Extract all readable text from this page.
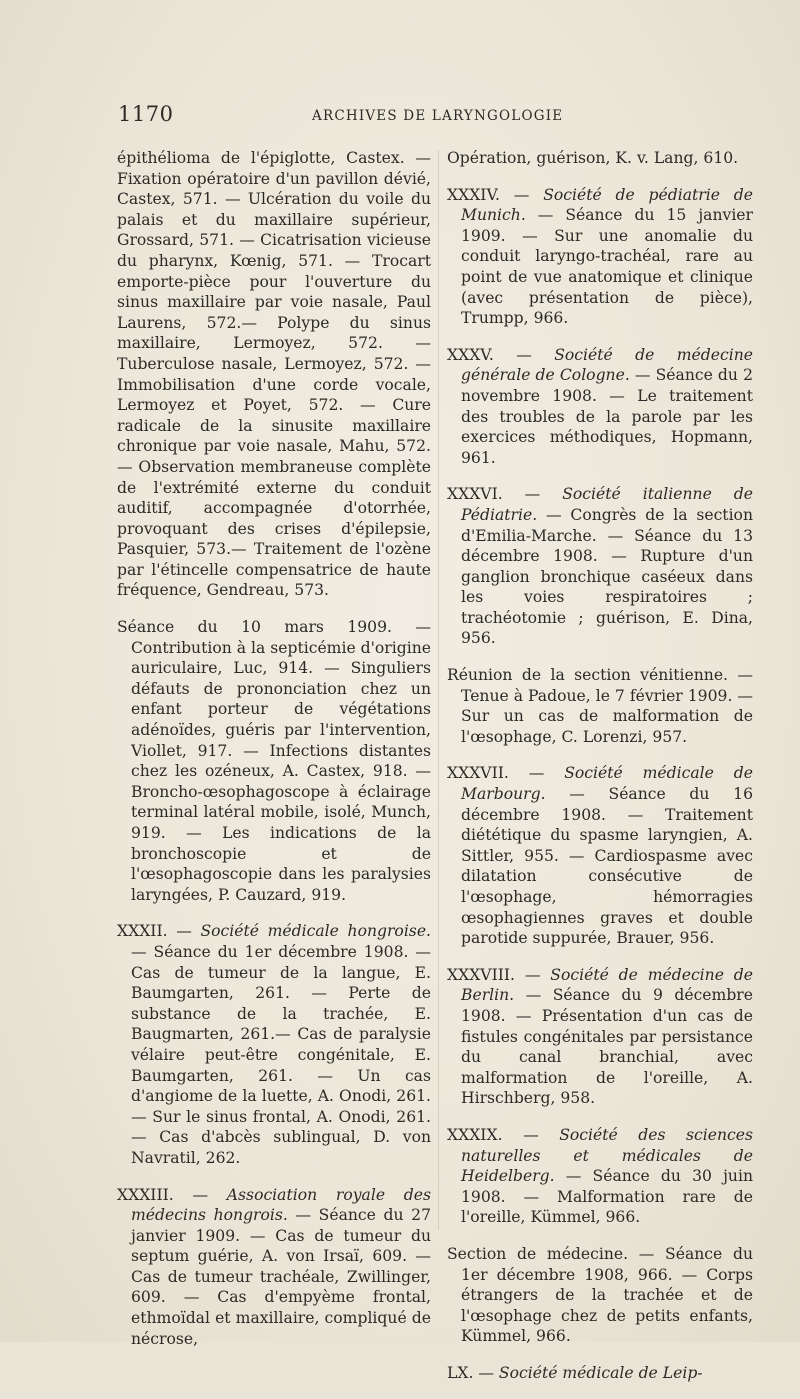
1170	ARCHIVES DE LARYNGOLOGIE

épithélioma de l'épiglotte, Castex. — Fixation opératoire d'un pavillon dévié, Castex, 571. — Ulcération du voile du palais et du maxillaire supérieur, Grossard, 571. — Cicatrisation vicieuse du pharynx, Kœnig, 571. — Trocart emporte-pièce pour l'ouverture du sinus maxillaire par voie nasale, Paul Laurens, 572.— Polype du sinus maxillaire, Lermoyez, 572. — Tuberculose nasale, Lermoyez, 572. — Immobilisation d'une corde vocale, Lermoyez et Poyet, 572. — Cure radicale de la sinusite maxillaire chronique par voie nasale, Mahu, 572. — Observation membraneuse complète de l'extrémité externe du conduit auditif, accompagnée d'otorrhée, provoquant des crises d'épilepsie, Pasquier, 573.— Traitement de l'ozène par l'étincelle compensatrice de haute fréquence, Gendreau, 573.

Séance du 10 mars 1909. — Contribution à la septicémie d'origine auriculaire, Luc, 914. — Singuliers défauts de prononciation chez un enfant porteur de végétations adénoïdes, guéris par l'intervention, Viollet, 917. — Infections distantes chez les ozéneux, A. Castex, 918. — Broncho-œsophagoscope à éclairage terminal latéral mobile, isolé, Munch, 919. — Les indications de la bronchoscopie et de l'œsophagoscopie dans les paralysies laryngées, P. Cauzard, 919.

XXXII. — Société médicale hongroise. — Séance du 1er décembre 1908. — Cas de tumeur de la langue, E. Baumgarten, 261. — Perte de substance de la trachée, E. Baugmarten, 261.— Cas de paralysie vélaire peut-être congénitale, E. Baumgarten, 261. — Un cas d'angiome de la luette, A. Onodi, 261. — Sur le sinus frontal, A. Onodi, 261. — Cas d'abcès sublingual, D. von Navratil, 262.

XXXIII. — Association royale des médecins hongrois. — Séance du 27 janvier 1909. — Cas de tumeur du septum guérie, A. von Irsaï, 609. — Cas de tumeur trachéale, Zwillinger, 609. — Cas d'empyème frontal, ethmoïdal et maxillaire, compliqué de nécrose,

Opération, guérison, K. v. Lang, 610.

XXXIV. — Société de pédiatrie de Munich. — Séance du 15 janvier 1909. — Sur une anomalie du conduit laryngo-trachéal, rare au point de vue anatomique et clinique (avec présentation de pièce), Trumpp, 966.

XXXV. — Société de médecine générale de Cologne. — Séance du 2 novembre 1908. — Le traitement des troubles de la parole par les exercices méthodiques, Hopmann, 961.

XXXVI. — Société italienne de Pédiatrie. — Congrès de la section d'Emilia-Marche. — Séance du 13 décembre 1908. — Rupture d'un ganglion bronchique caséeux dans les voies respiratoires ; trachéotomie ; guérison, E. Dina, 956.

Réunion de la section vénitienne. — Tenue à Padoue, le 7 février 1909. — Sur un cas de malformation de l'œsophage, C. Lorenzi, 957.

XXXVII. — Société médicale de Marbourg. — Séance du 16 décembre 1908. — Traitement diététique du spasme laryngien, A. Sittler, 955. — Cardiospasme avec dilatation consécutive de l'œsophage, hémorragies œsophagiennes graves et double parotide suppurée, Brauer, 956.

XXXVIII. — Société de médecine de Berlin. — Séance du 9 décembre 1908. — Présentation d'un cas de fistules congénitales par persistance du canal branchial, avec malformation de l'oreille, A. Hirschberg, 958.

XXXIX. — Société des sciences naturelles et médicales de Heidelberg. — Séance du 30 juin 1908. — Malformation rare de l'oreille, Kümmel, 966.

Section de médecine. — Séance du 1er décembre 1908, 966. — Corps étrangers de la trachée et de l'œsophage chez de petits enfants, Kümmel, 966.

LX. — Société médicale de Leip-
